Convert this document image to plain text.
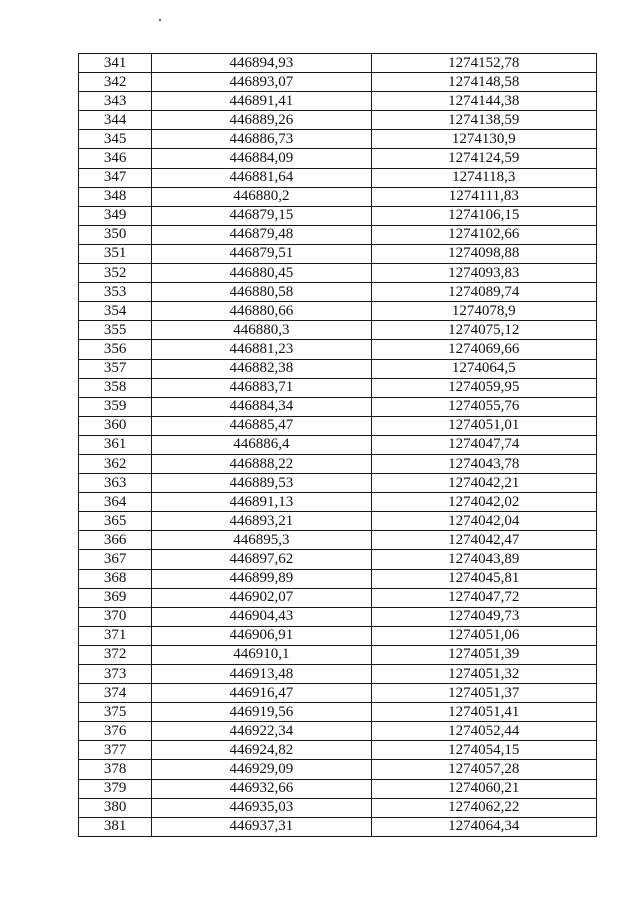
341	446894,93	1274152,78
342	446893,07	1274148,58
343	446891,41	1274144,38
344	446889,26	1274138,59
345	446886,73	1274130,9
346	446884,09	1274124,59
347	446881,64	1274118,3
348	446880,2	1274111,83
349	446879,15	1274106,15
350	446879,48	1274102,66
351	446879,51	1274098,88
352	446880,45	1274093,83
353	446880,58	1274089,74
354	446880,66	1274078,9
355	446880,3	1274075,12
356	446881,23	1274069,66
357	446882,38	1274064,5
358	446883,71	1274059,95
359	446884,34	1274055,76
360	446885,47	1274051,01
361	446886,4	1274047,74
362	446888,22	1274043,78
363	446889,53	1274042,21
364	446891,13	1274042,02
365	446893,21	1274042,04
366	446895,3	1274042,47
367	446897,62	1274043,89
368	446899,89	1274045,81
369	446902,07	1274047,72
370	446904,43	1274049,73
371	446906,91	1274051,06
372	446910,1	1274051,39
373	446913,48	1274051,32
374	446916,47	1274051,37
375	446919,56	1274051,41
376	446922,34	1274052,44
377	446924,82	1274054,15
378	446929,09	1274057,28
379	446932,66	1274060,21
380	446935,03	1274062,22
381	446937,31	1274064,34
